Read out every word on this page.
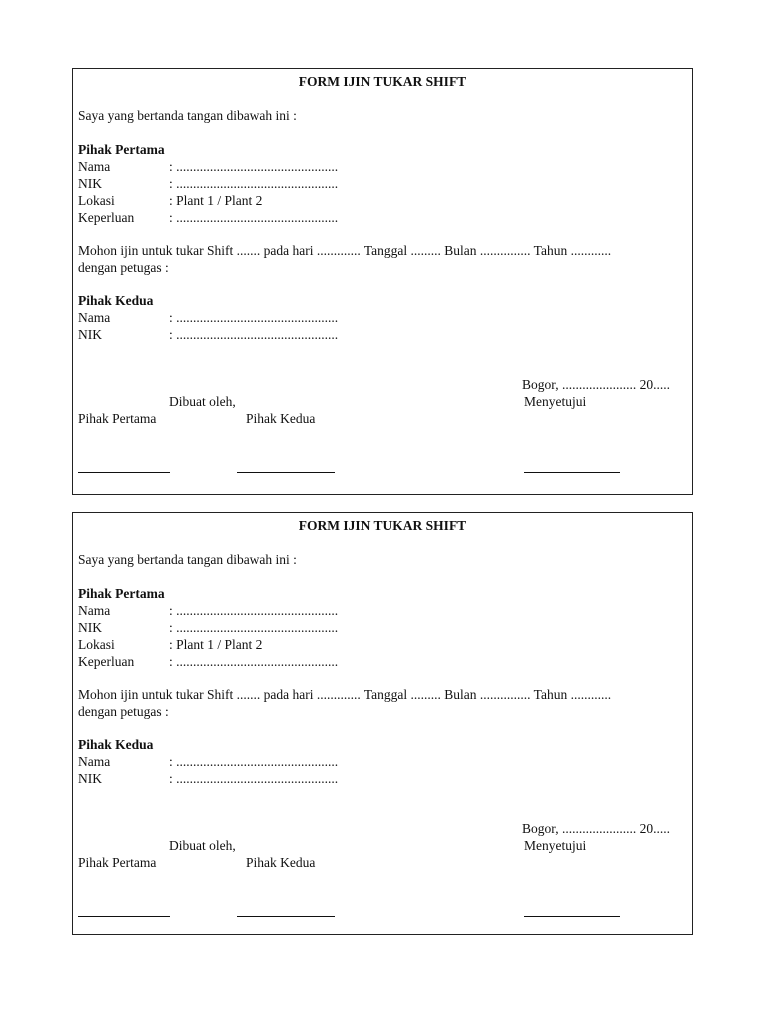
FORM IJIN TUKAR SHIFT
Saya yang bertanda tangan dibawah ini :
Pihak Pertama
Nama	: ................................................
NIK	: ................................................
Lokasi	: Plant 1 / Plant 2
Keperluan	: ................................................
Mohon ijin untuk tukar Shift ....... pada hari ............. Tanggal ......... Bulan ............... Tahun ............
dengan petugas :
Pihak Kedua
Nama	: ................................................
NIK	: ................................................
Bogor, ...................... 20.....
Dibuat oleh,	Menyetujui
Pihak Pertama	Pihak Kedua
FORM IJIN TUKAR SHIFT
Saya yang bertanda tangan dibawah ini :
Pihak Pertama
Nama	: ................................................
NIK	: ................................................
Lokasi	: Plant 1 / Plant 2
Keperluan	: ................................................
Mohon ijin untuk tukar Shift ....... pada hari ............. Tanggal ......... Bulan ............... Tahun ............
dengan petugas :
Pihak Kedua
Nama	: ................................................
NIK	: ................................................
Bogor, ...................... 20.....
Dibuat oleh,	Menyetujui
Pihak Pertama	Pihak Kedua
